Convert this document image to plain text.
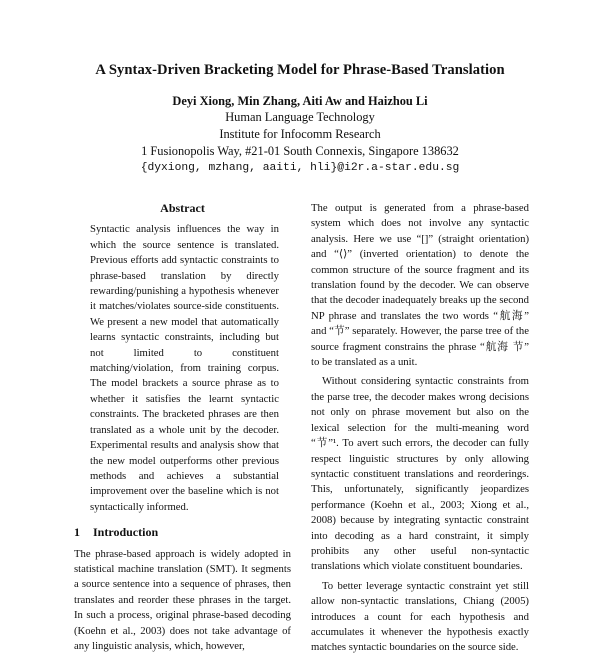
A Syntax-Driven Bracketing Model for Phrase-Based Translation
Deyi Xiong, Min Zhang, Aiti Aw and Haizhou Li
Human Language Technology
Institute for Infocomm Research
1 Fusionopolis Way, #21-01 South Connexis, Singapore 138632
{dyxiong, mzhang, aaiti, hli}@i2r.a-star.edu.sg
Abstract

Syntactic analysis influences the way in which the source sentence is translated. Previous efforts add syntactic constraints to phrase-based translation by directly rewarding/punishing a hypothesis whenever it matches/violates source-side constituents. We present a new model that automatically learns syntactic constraints, including but not limited to constituent matching/violation, from training corpus. The model brackets a source phrase as to whether it satisfies the learnt syntactic constraints. The bracketed phrases are then translated as a whole unit by the decoder. Experimental results and analysis show that the new model outperforms other previous methods and achieves a substantial improvement over the baseline which is not syntactically informed.

1 Introduction

The phrase-based approach is widely adopted in statistical machine translation (SMT). It segments a source sentence into a sequence of phrases, then translates and reorder these phrases in the target. In such a process, original phrase-based decoding (Koehn et al., 2003) does not take advantage of any linguistic analysis, which, however,

The output is generated from a phrase-based system which does not involve any syntactic analysis. Here we use “[]” (straight orientation) and “⟨⟩” (inverted orientation) to denote the common structure of the source fragment and its translation found by the decoder. We can observe that the decoder inadequately breaks up the second NP phrase and translates the two words “航海” and “节” separately. However, the parse tree of the source fragment constrains the phrase “航海 节” to be translated as a unit.

Without considering syntactic constraints from the parse tree, the decoder makes wrong decisions not only on phrase movement but also on the lexical selection for the multi-meaning word “节”¹. To avert such errors, the decoder can fully respect linguistic structures by only allowing syntactic constituent translations and reorderings. This, unfortunately, significantly jeopardizes performance (Koehn et al., 2003; Xiong et al., 2008) because by integrating syntactic constraint into decoding as a hard constraint, it simply prohibits any other useful non-syntactic translations which violate constituent boundaries.

To better leverage syntactic constraint yet still allow non-syntactic translations, Chiang (2005) introduces a count for each hypothesis and accumulates it whenever the hypothesis exactly matches syntactic boundaries on the source side.
